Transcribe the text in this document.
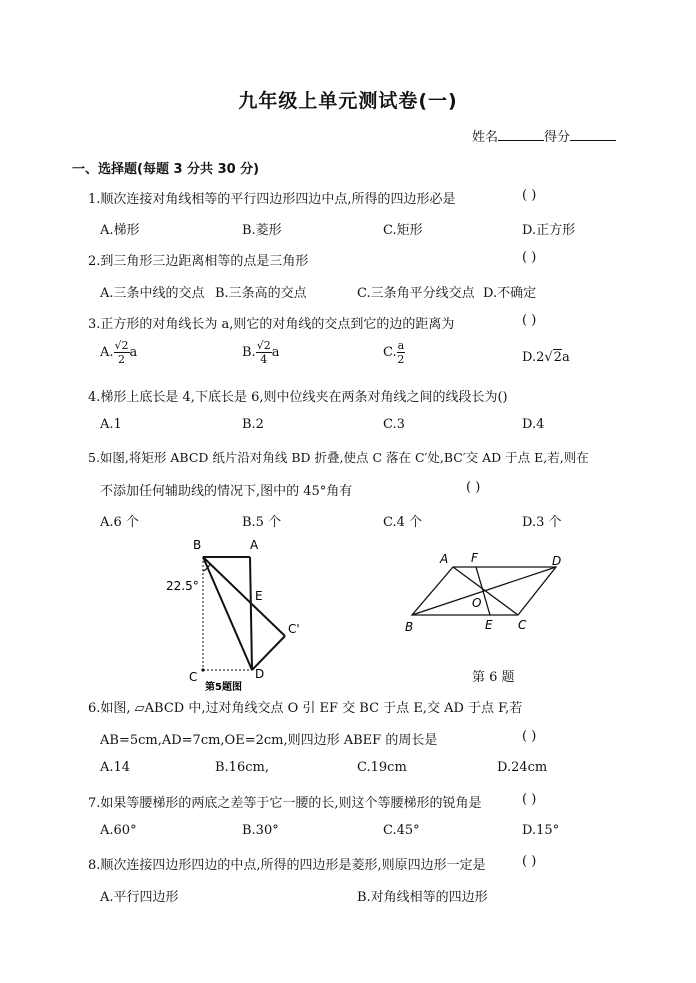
九年级上单元测试卷(一)
姓名	得分
一、选择题(每题 3 分共 30 分)
1.顺次连接对角线相等的平行四边形四边中点,所得的四边形必是	( )
A.梯形	B.菱形	C.矩形	D.正方形
2.到三角形三边距离相等的点是三角形	( )
A.三条中线的交点 B.三条高的交点	C.三条角平分线交点 D.不确定
3.正方形的对角线长为 a,则它的对角线的交点到它的边的距离为	( )
A. $\frac{√2}{2}$ a	B. $\frac{√2}{4}$ a	C. $\frac{a}{2}$	D.2√2a
4.梯形上底长是 4,下底长是 6,则中位线夹在两条对角线之间的线段长为()
A.1	B.2	C.3	D.4
5.如图,将矩形 ABCD 纸片沿对角线 BD 折叠,使点 C 落在 C′处,BC′交 AD 于点 E,若,则在
不添加任何辅助线的情况下,图中的 45°角有	( )
A.6 个	B.5 个	C.4 个	D.3 个
B	A
E
C'
C	D
22.5°
第5题图
A F	D
O
B	E C
第 6 题
6.如图, ▱ABCD 中,过对角线交点 O 引 EF 交 BC 于点 E,交 AD 于点 F,若
AB=5cm,AD=7cm,OE=2cm,则四边形 ABEF 的周长是	( )
A.14	B.16cm,	C.19cm	D.24cm
7.如果等腰梯形的两底之差等于它一腰的长,则这个等腰梯形的锐角是	( )
A.60°	B.30°	C.45°	D.15°
8.顺次连接四边形四边的中点,所得的四边形是菱形,则原四边形一定是	( )
A.平行四边形	B.对角线相等的四边形
